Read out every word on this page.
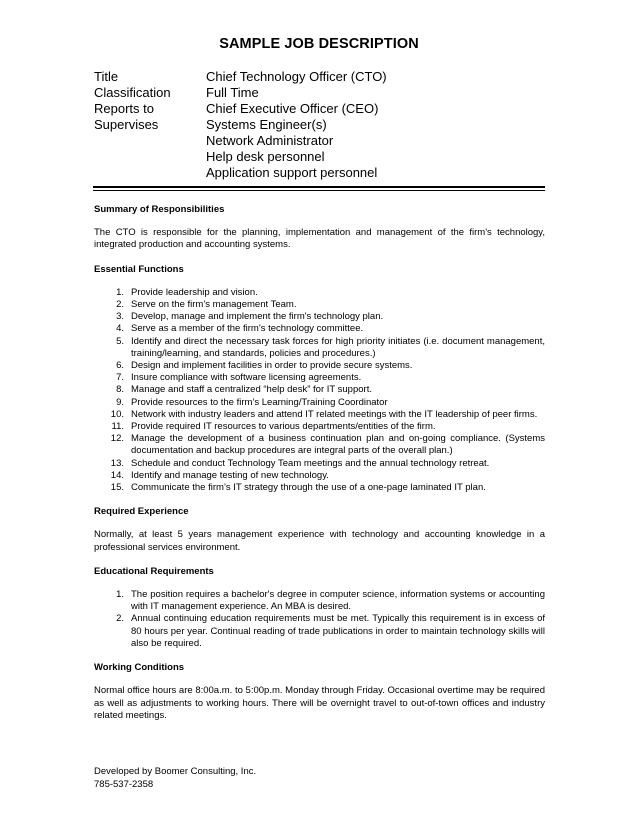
SAMPLE JOB DESCRIPTION
Title	Chief Technology Officer (CTO)
Classification	Full Time
Reports to	Chief Executive Officer (CEO)
Supervises	Systems Engineer(s)
Network Administrator
Help desk personnel
Application support personnel
Summary of Responsibilities
The CTO is responsible for the planning, implementation and management of the firm's technology, integrated production and accounting systems.
Essential Functions
1. Provide leadership and vision.
2. Serve on the firm’s management Team.
3. Develop, manage and implement the firm's technology plan.
4. Serve as a member of the firm’s technology committee.
5. Identify and direct the necessary task forces for high priority initiates (i.e. document management, training/learning, and standards, policies and procedures.)
6. Design and implement facilities in order to provide secure systems.
7. Insure compliance with software licensing agreements.
8. Manage and staff a centralized “help desk” for IT support.
9. Provide resources to the firm’s Learning/Training Coordinator
10. Network with industry leaders and attend IT related meetings with the IT leadership of peer firms.
11. Provide required IT resources to various departments/entities of the firm.
12. Manage the development of a business continuation plan and on-going compliance. (Systems documentation and backup procedures are integral parts of the overall plan.)
13. Schedule and conduct Technology Team meetings and the annual technology retreat.
14. Identify and manage testing of new technology.
15. Communicate the firm’s IT strategy through the use of a one-page laminated IT plan.
Required Experience
Normally, at least 5 years management experience with technology and accounting knowledge in a professional services environment.
Educational Requirements
1. The position requires a bachelor's degree in computer science, information systems or accounting with IT management experience. An MBA is desired.
2. Annual continuing education requirements must be met. Typically this requirement is in excess of 80 hours per year. Continual reading of trade publications in order to maintain technology skills will also be required.
Working Conditions
Normal office hours are 8:00a.m. to 5:00p.m. Monday through Friday. Occasional overtime may be required as well as adjustments to working hours. There will be overnight travel to out-of-town offices and industry related meetings.
Developed by Boomer Consulting, Inc.
785-537-2358
